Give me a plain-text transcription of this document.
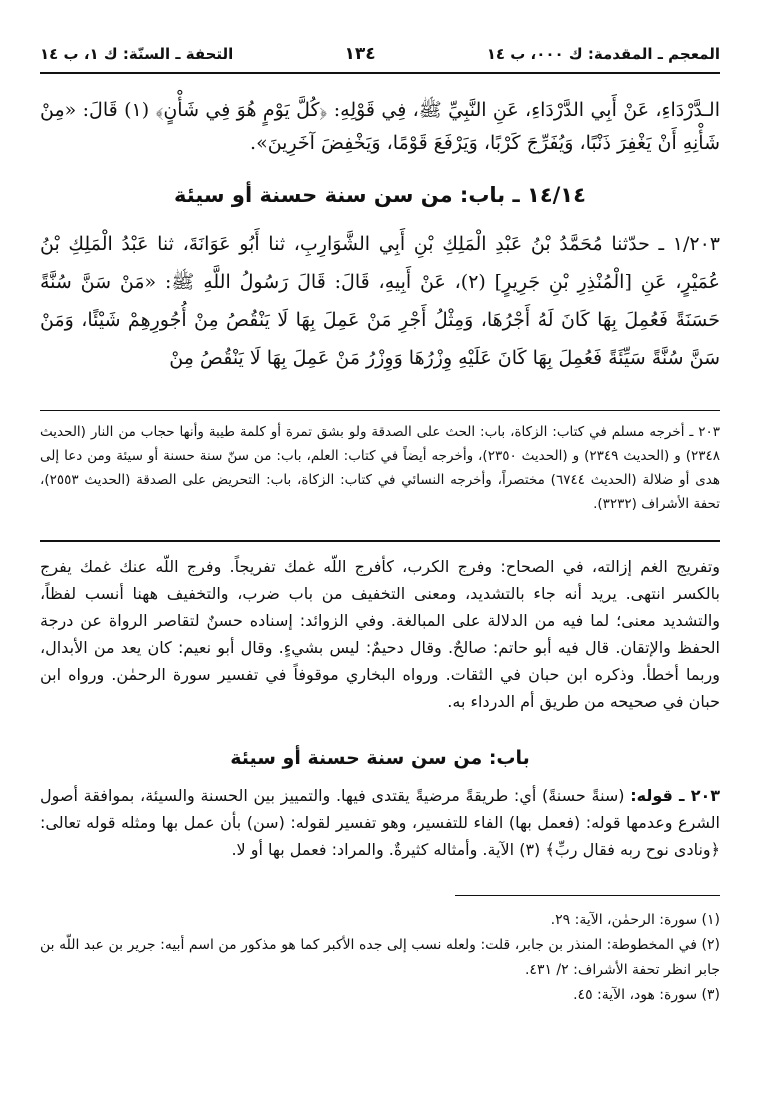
المعجم ـ المقدمة: ك ٠٠٠، ب ١٤
١٣٤
التحفة ـ السنّة: ك ١، ب ١٤

الـدَّرْدَاءِ، عَنْ أَبِي الدَّرْدَاءِ، عَنِ النَّبِيِّ ﷺ، فِي قَوْلِهِ: ﴿كُلَّ يَوْمٍ هُوَ فِي شَأْنٍ﴾ (١) قَالَ: «مِنْ شَأْنِهِ أَنْ يَغْفِرَ ذَنْبًا، وَيُفَرِّجَ كَرْبًا، وَيَرْفَعَ قَوْمًا، وَيَخْفِضَ آخَرِينَ».

١٤/١٤ ـ باب: من سن سنة حسنة أو سيئة

١/٢٠٣ ـ حدّثنا مُحَمَّدُ بْنُ عَبْدِ الْمَلِكِ بْنِ أَبِي الشَّوَارِبِ، ثنا أَبُو عَوَانَةَ، ثنا عَبْدُ الْمَلِكِ بْنُ عُمَيْرٍ، عَنِ [الْمُنْذِرِ بْنِ جَرِيرٍ] (٢)، عَنْ أَبِيهِ، قَالَ: قَالَ رَسُولُ اللَّهِ ﷺ: «مَنْ سَنَّ سُنَّةً حَسَنَةً فَعُمِلَ بِهَا كَانَ لَهُ أَجْرُهَا، وَمِثْلُ أَجْرِ مَنْ عَمِلَ بِهَا لَا يَنْقُصُ مِنْ أُجُورِهِمْ شَيْئًا، وَمَنْ سَنَّ سُنَّةً سَيِّئَةً فَعُمِلَ بِهَا كَانَ عَلَيْهِ وِزْرُهَا وَوِزْرُ مَنْ عَمِلَ بِهَا لَا يَنْقُصُ مِنْ

٢٠٣ ـ أخرجه مسلم في كتاب: الزكاة، باب: الحث على الصدقة ولو بشق تمرة أو كلمة طيبة وأنها حجاب من النار (الحديث ٢٣٤٨) و (الحديث ٢٣٤٩) و (الحديث ٢٣٥٠)، وأخرجه أيضاً في كتاب: العلم، باب: من سنّ سنة حسنة أو سيئة ومن دعا إلى هدى أو ضلالة (الحديث ٦٧٤٤) مختصراً، وأخرجه النسائي في كتاب: الزكاة، باب: التحريض على الصدقة (الحديث ٢٥٥٣)، تحفة الأشراف (٣٢٣٢).

وتفريج الغم إزالته، في الصحاح: وفرج الكرب، كأفرج اللّه غمك تفريجاً. وفرج اللّه عنك غمك يفرج بالكسر انتهى. يريد أنه جاء بالتشديد، ومعنى التخفيف من باب ضرب، والتخفيف ههنا أنسب لفظاً، والتشديد معنى؛ لما فيه من الدلالة على المبالغة. وفي الزوائد: إسناده حسنٌ لتقاصر الرواة عن درجة الحفظ والإتقان. قال فيه أبو حاتم: صالحٌ. وقال دحيمٌ: ليس بشيءٍ. وقال أبو نعيم: كان يعد من الأبدال، وربما أخطأ. وذكره ابن حبان في الثقات. ورواه البخاري موقوفاً في تفسير سورة الرحمٰن. ورواه ابن حبان في صحيحه من طريق أم الدرداء به.

باب: من سن سنة حسنة أو سيئة

٢٠٣ ـ قوله: (سنةً حسنةً) أي: طريقةً مرضيةً يقتدى فيها. والتمييز بين الحسنة والسيئة، بموافقة أصول الشرع وعدمها قوله: (فعمل بها) الفاء للتفسير، وهو تفسير لقوله: (سن) بأن عمل بها ومثله قوله تعالى: ﴿ونادى نوح ربه فقال ربِّ﴾ (٣) الآية. وأمثاله كثيرةٌ. والمراد: فعمل بها أو لا.

(١) سورة: الرحمٰن، الآية: ٢٩.

(٢) في المخطوطة: المنذر بن جابر، قلت: ولعله نسب إلى جده الأكبر كما هو مذكور من اسم أبيه: جرير بن عبد اللّه بن جابر انظر تحفة الأشراف: ٢/ ٤٣١.

(٣) سورة: هود، الآية: ٤٥.
